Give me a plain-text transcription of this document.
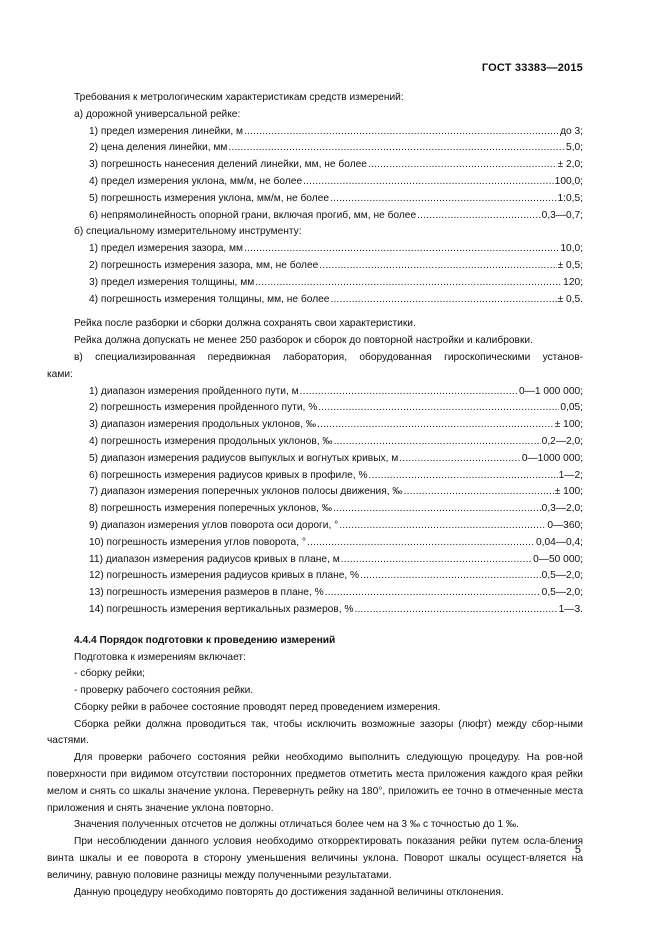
ГОСТ 33383—2015

Требования к метрологическим характеристикам средств измерений:

а) дорожной универсальной рейке:

1) предел измерения линейки, м .....	до 3;
2) цена деления линейки, мм .....	5,0;
3) погрешность нанесения делений линейки, мм, не более .....	± 2,0;
4) предел измерения уклона, мм/м, не более .....	100,0;
5) погрешность измерения уклона, мм/м, не более .....	1:0,5;
6) непрямолинейность опорной грани, включая прогиб, мм, не более .....	0,3—0,7;

б) специальному измерительному инструменту:

1) предел измерения зазора, мм .....	10,0;
2) погрешность измерения зазора, мм, не более .....	± 0,5;
3) предел измерения толщины, мм .....	120;
4) погрешность измерения толщины, мм, не более .....	± 0,5.

Рейка после разборки и сборки должна сохранять свои характеристики.

Рейка должна допускать не менее 250 разборок и сборок до повторной настройки и калибровки.

в) специализированная передвижная лаборатория, оборудованная гироскопическими установ-

ками:

1) диапазон измерения пройденного пути, м .....	0—1 000 000;
2) погрешность измерения пройденного пути, % .....	0,05;
3) диапазон измерения продольных уклонов, ‰ .....	± 100;
4) погрешность измерения продольных уклонов, ‰ .....	0,2—2,0;
5) диапазон измерения радиусов выпуклых и вогнутых кривых, м .....	0—1000 000;
6) погрешность измерения радиусов кривых в профиле, % .....	1—2;
7) диапазон измерения поперечных уклонов полосы движения, ‰ .....	± 100;
8) погрешность измерения поперечных уклонов, ‰ .....	0,3—2,0;
9) диапазон измерения углов поворота оси дороги, ° .....	0—360;
10) погрешность измерения углов поворота, ° .....	0,04—0,4;
11) диапазон измерения радиусов кривых в плане, м .....	0—50 000;
12) погрешность измерения радиусов кривых в плане, % .....	0,5—2,0;
13) погрешность измерения размеров в плане, % .....	0,5—2,0;
14) погрешность измерения вертикальных размеров, % .....	1—3.

4.4.4 Порядок подготовки к проведению измерений

Подготовка к измерениям включает:

- сборку рейки;

- проверку рабочего состояния рейки.

Сборку рейки в рабочее состояние проводят перед проведением измерения.

Сборка рейки должна проводиться так, чтобы исключить возможные зазоры (люфт) между сбор-ными частями.

Для проверки рабочего состояния рейки необходимо выполнить следующую процедуру. На ров-ной поверхности при видимом отсутствии посторонних предметов отметить места приложения каждого края рейки мелом и снять со шкалы значение уклона. Перевернуть рейку на 180°, приложить ее точно в отмеченные места приложения и снять значение уклона повторно.

Значения полученных отсчетов не должны отличаться более чем на 3 ‰ с точностью до 1 ‰.

При несоблюдении данного условия необходимо откорректировать показания рейки путем осла-бления винта шкалы и ее поворота в сторону уменьшения величины уклона. Поворот шкалы осущест-вляется на величину, равную половине разницы между полученными результатами.

Данную процедуру необходимо повторять до достижения заданной величины отклонения.

5
